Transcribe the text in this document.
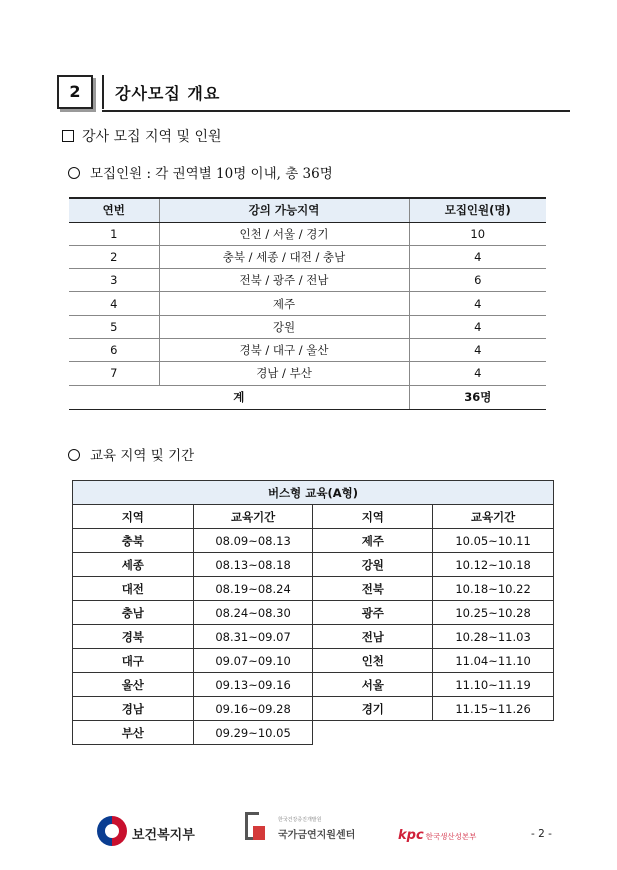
2	강사모집 개요
강사 모집 지역 및 인원
모집인원 : 각 권역별 10명 이내, 총 36명
연번	강의 가능지역	모집인원(명)
1	인천 / 서울 / 경기	10
2	충북 / 세종 / 대전 / 충남	4
3	전북 / 광주 / 전남	6
4	제주	4
5	강원	4
6	경북 / 대구 / 울산	4
7	경남 / 부산	4
계		36명
교육 지역 및 기간
버스형 교육(A형)			
지역	교육기간	지역	교육기간
충북	08.09~08.13	제주	10.05~10.11
세종	08.13~08.18	강원	10.12~10.18
대전	08.19~08.24	전북	10.18~10.22
충남	08.24~08.30	광주	10.25~10.28
경북	08.31~09.07	전남	10.28~11.03
대구	09.07~09.10	인천	11.04~11.10
울산	09.13~09.16	서울	11.10~11.19
경남	09.16~09.28	경기	11.15~11.26
부산	09.29~10.05		
보건복지부
한국건강증진개발원
국가금연지원센터	kpc 한국생산성본부	- 2 -
